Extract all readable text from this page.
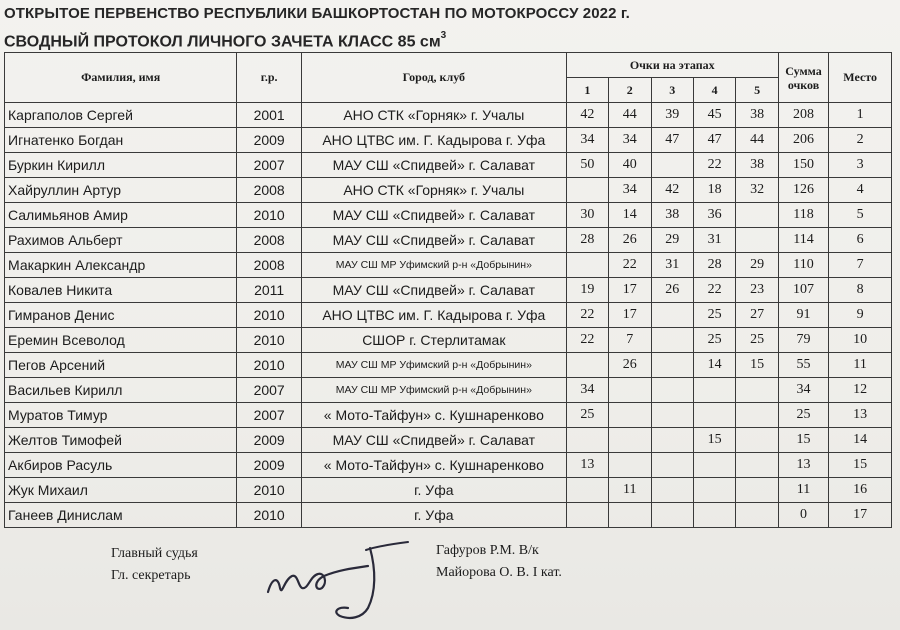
ОТКРЫТОЕ ПЕРВЕНСТВО РЕСПУБЛИКИ БАШКОРТОСТАН ПО МОТОКРОССУ 2022 г.
СВОДНЫЙ ПРОТОКОЛ ЛИЧНОГО ЗАЧЕТА КЛАСС 85 $см^3$
Фамилия, имя	г.р.	Город, клуб	Очки на этапах					Сумма очков	Место
			1	2	3	4	5		
Каргаполов Сергей	2001	АНО СТК «Горняк» г. Учалы	42	44	39	45	38	208	1
Игнатенко Богдан	2009	АНО ЦТВС им. Г. Кадырова г. Уфа	34	34	47	47	44	206	2
Буркин Кирилл	2007	МАУ СШ «Спидвей» г. Салават	50	40		22	38	150	3
Хайруллин Артур	2008	АНО СТК «Горняк» г. Учалы		34	42	18	32	126	4
Салимьянов Амир	2010	МАУ СШ «Спидвей» г. Салават	30	14	38	36		118	5
Рахимов Альберт	2008	МАУ СШ «Спидвей» г. Салават	28	26	29	31		114	6
Макаркин Александр	2008	МАУ СШ МР Уфимский р-н «Добрынин»		22	31	28	29	110	7
Ковалев Никита	2011	МАУ СШ «Спидвей» г. Салават	19	17	26	22	23	107	8
Гимранов Денис	2010	АНО ЦТВС им. Г. Кадырова г. Уфа	22	17		25	27	91	9
Еремин Всеволод	2010	СШОР г. Стерлитамак	22	7		25	25	79	10
Пегов Арсений	2010	МАУ СШ МР Уфимский р-н «Добрынин»		26		14	15	55	11
Васильев Кирилл	2007	МАУ СШ МР Уфимский р-н «Добрынин»	34					34	12
Муратов Тимур	2007	« Мото-Тайфун» с. Кушнаренково	25					25	13
Желтов Тимофей	2009	МАУ СШ «Спидвей» г. Салават				15		15	14
Акбиров Расуль	2009	« Мото-Тайфун» с. Кушнаренково	13					13	15
Жук Михаил	2010	г. Уфа		11				11	16
Ганеев Динислам	2010	г. Уфа						0	17
Главный судья
Гл. секретарь
Гафуров Р.М. В/к
Майорова О. В. I кат.
